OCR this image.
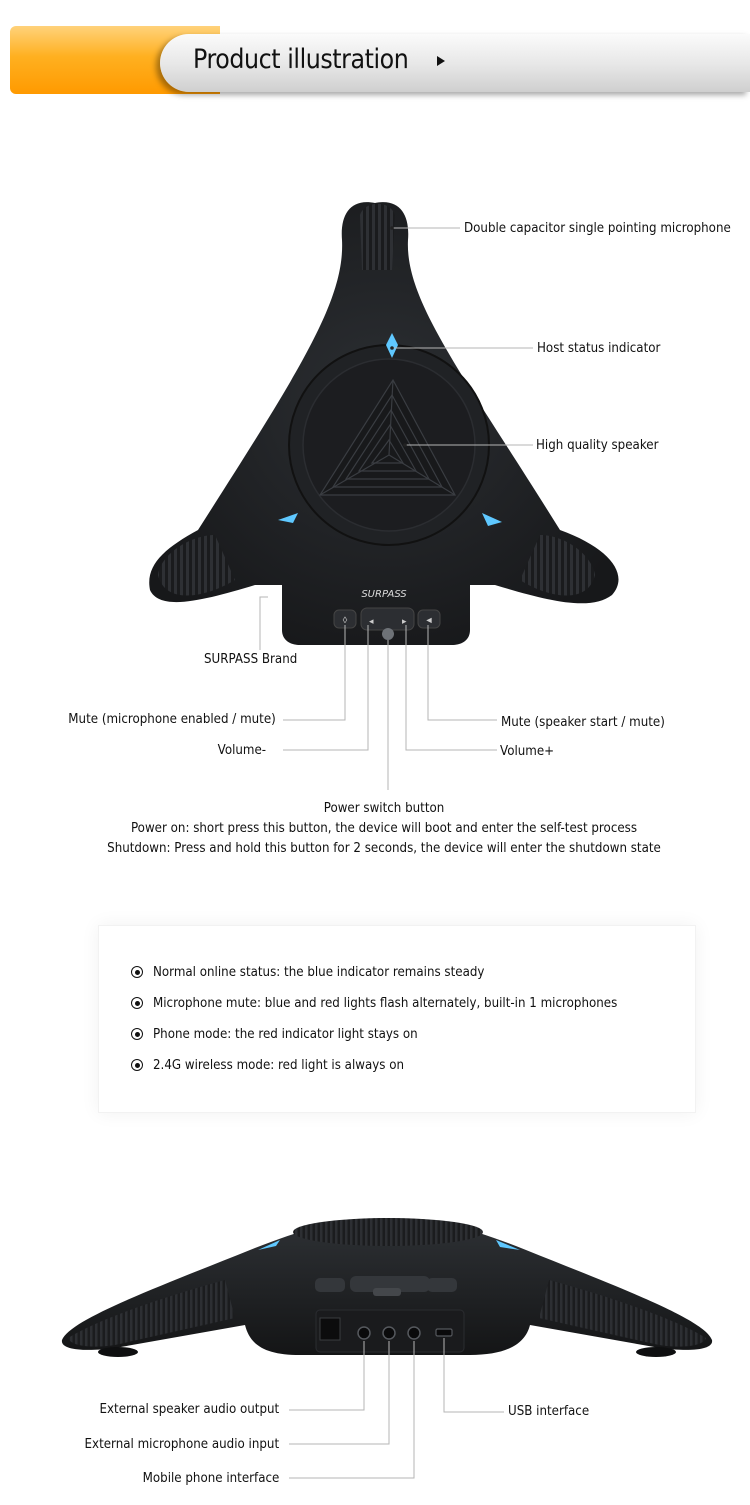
Product illustration
SURPASS
◊ ◂	▸ ◄
Double capacitor single pointing microphone
Host status indicator
High quality speaker
SURPASS Brand
Mute (microphone enabled / mute)
Volume-
Mute (speaker start / mute)
Volume+
Power switch button
Power on: short press this button, the device will boot and enter the self-test process
Shutdown: Press and hold this button for 2 seconds, the device will enter the shutdown state
Normal online status: the blue indicator remains steady
Microphone mute: blue and red lights flash alternately, built-in 1 microphones
Phone mode: the red indicator light stays on
2.4G wireless mode: red light is always on
External speaker audio output
External microphone audio input
Mobile phone interface
USB interface
